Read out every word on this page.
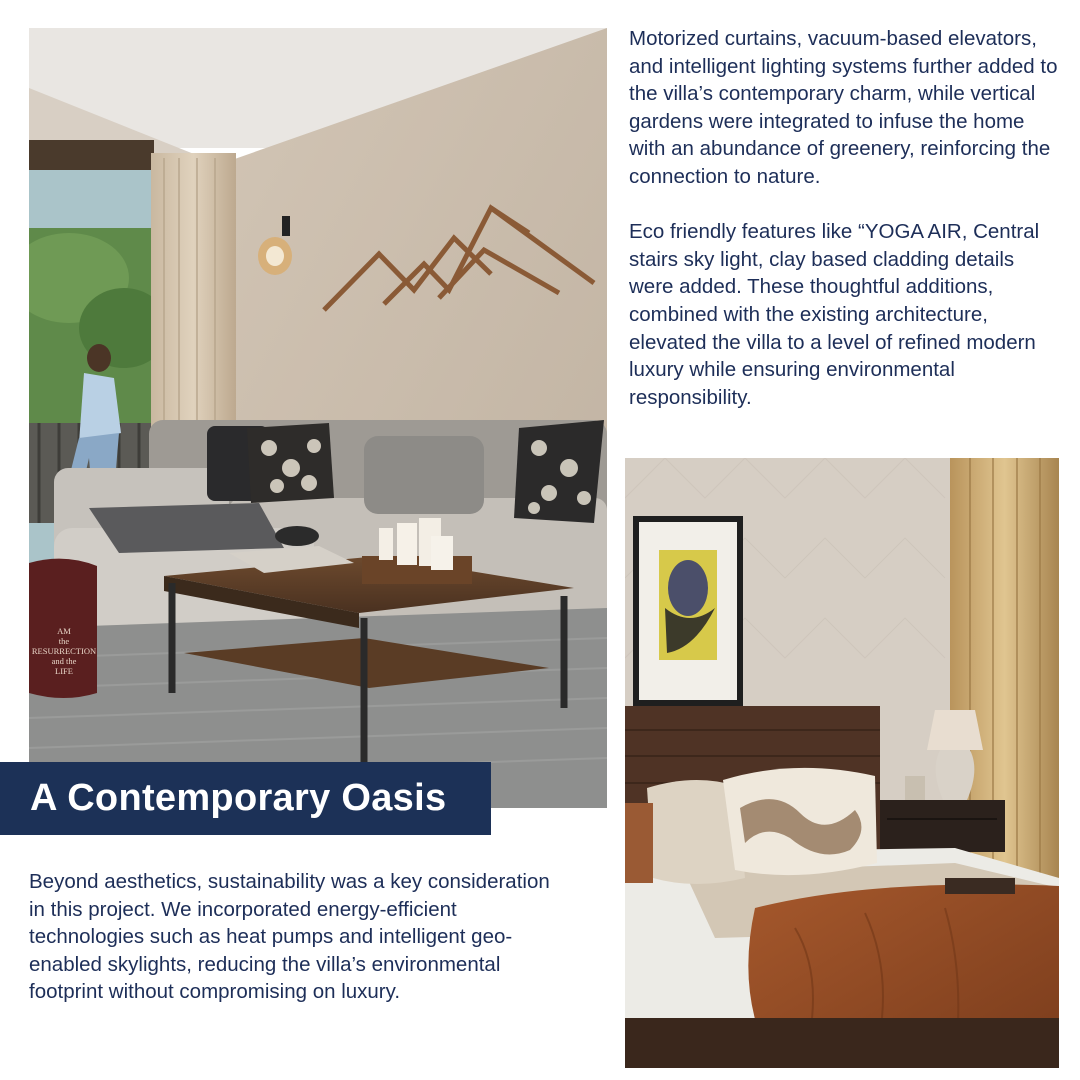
AM
the
RESURRECTION
and the
LIFE

Motorized curtains, vacuum-based elevators, and intelligent lighting systems further added to the villa’s contemporary charm, while vertical gardens were integrated to infuse the home with an abundance of greenery, reinforcing the connection to nature.

Eco friendly features like “YOGA AIR, Central stairs sky light, clay based cladding details were added. These thoughtful additions, combined with the existing architecture, elevated the villa to a level of refined modern luxury while ensuring environmental responsibility.

A Contemporary Oasis

Beyond aesthetics, sustainability was a key consideration in this project. We incorporated energy-efficient technologies such as heat pumps and intelligent geo-enabled skylights, reducing the villa’s environmental footprint without compromising on luxury.
